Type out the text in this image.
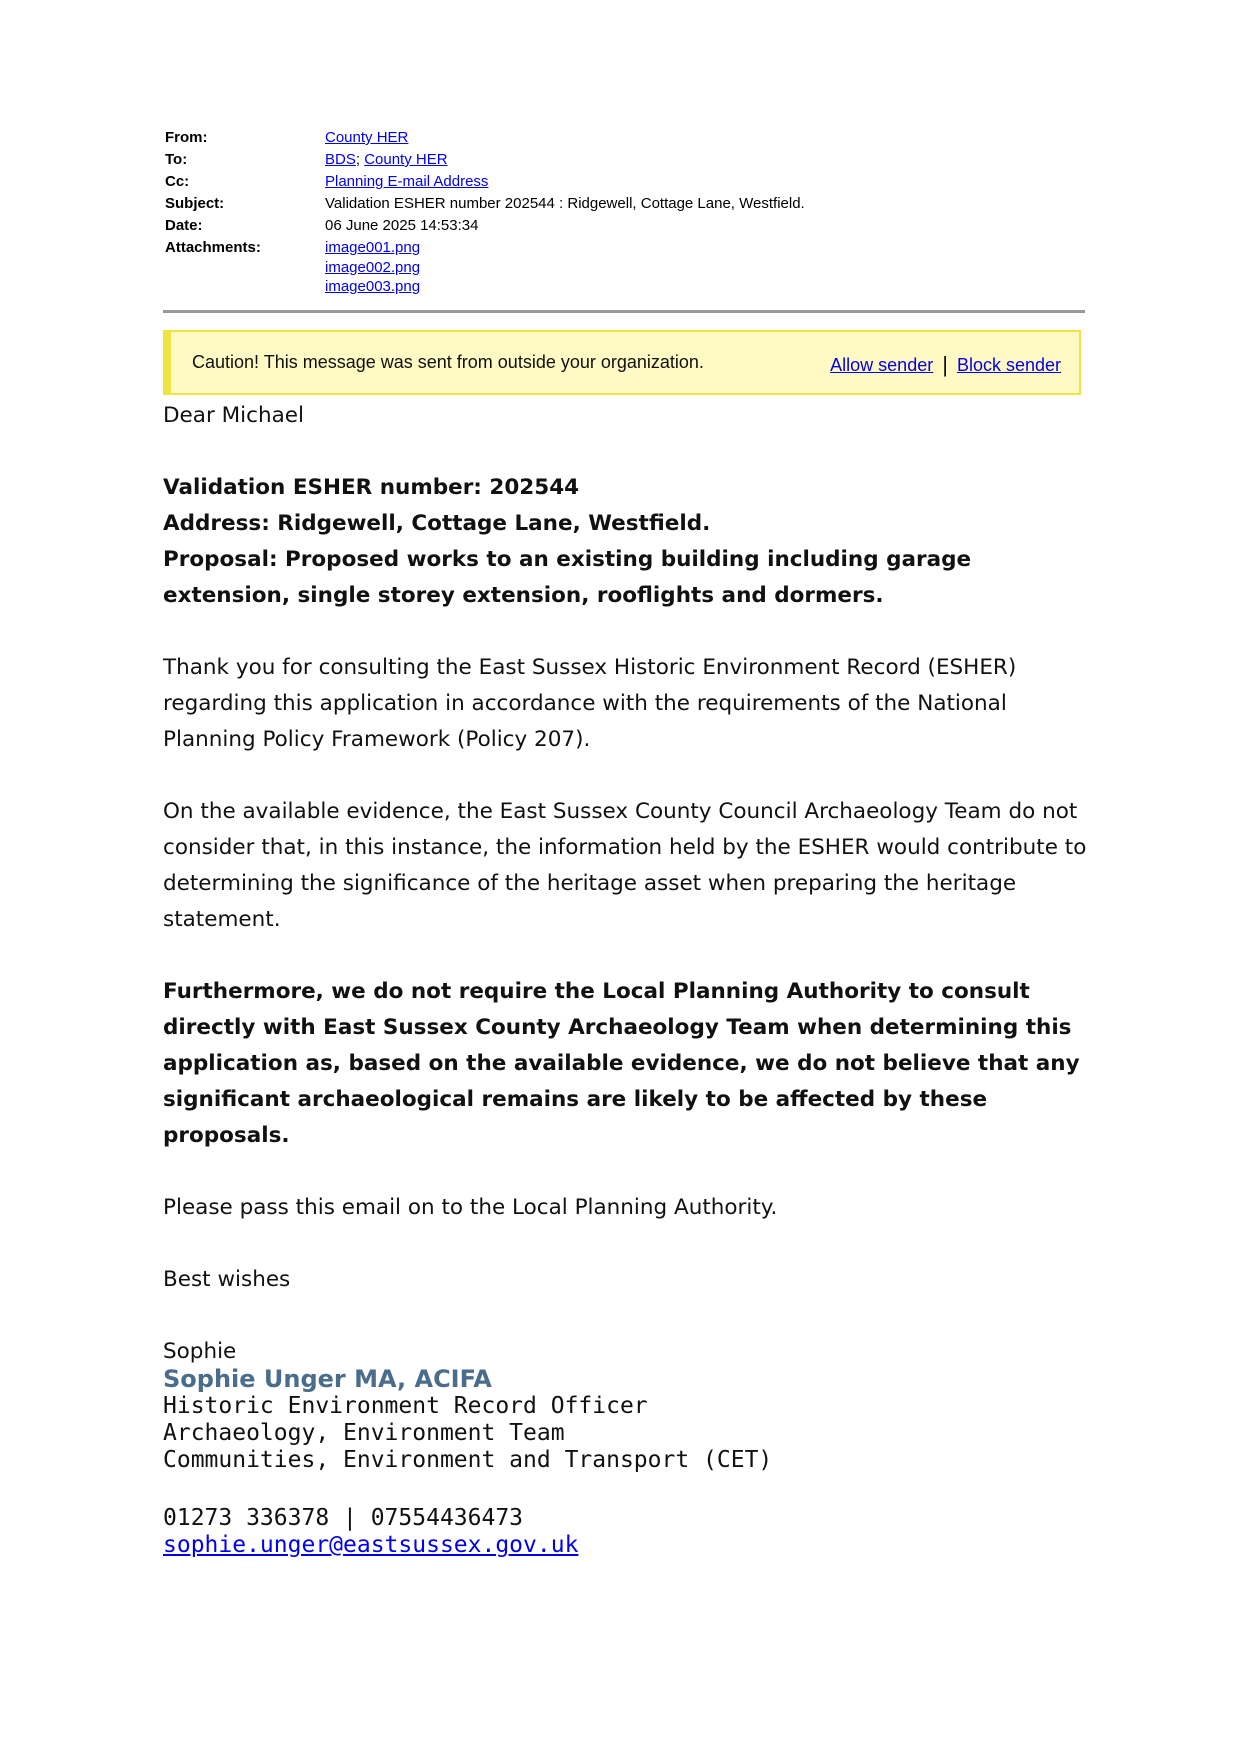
From:	County HER
To:	BDS; County HER
Cc:	Planning E-mail Address
Subject:	Validation ESHER number 202544 : Ridgewell, Cottage Lane, Westfield.
Date:	06 June 2025 14:53:34
Attachments:	image001.png
image002.png
image003.png
Caution! This message was sent from outside your organization.	Allow sender | Block sender

Dear Michael

Validation ESHER number: 202544

Address: Ridgewell, Cottage Lane, Westfield.

Proposal: Proposed works to an existing building including garage extension, single storey extension, rooflights and dormers.

Thank you for consulting the East Sussex Historic Environment Record (ESHER) regarding this application in accordance with the requirements of the National Planning Policy Framework (Policy 207).

On the available evidence, the East Sussex County Council Archaeology Team do not consider that, in this instance, the information held by the ESHER would contribute to determining the significance of the heritage asset when preparing the heritage statement.

Furthermore, we do not require the Local Planning Authority to consult directly with East Sussex County Archaeology Team when determining this application as, based on the available evidence, we do not believe that any significant archaeological remains are likely to be affected by these proposals.

Please pass this email on to the Local Planning Authority.

Best wishes

Sophie

Sophie Unger MA, ACIFA
Historic Environment Record Officer
Archaeology, Environment Team
Communities, Environment and Transport (CET)
01273 336378 | 07554436473
sophie.unger@eastsussex.gov.uk
